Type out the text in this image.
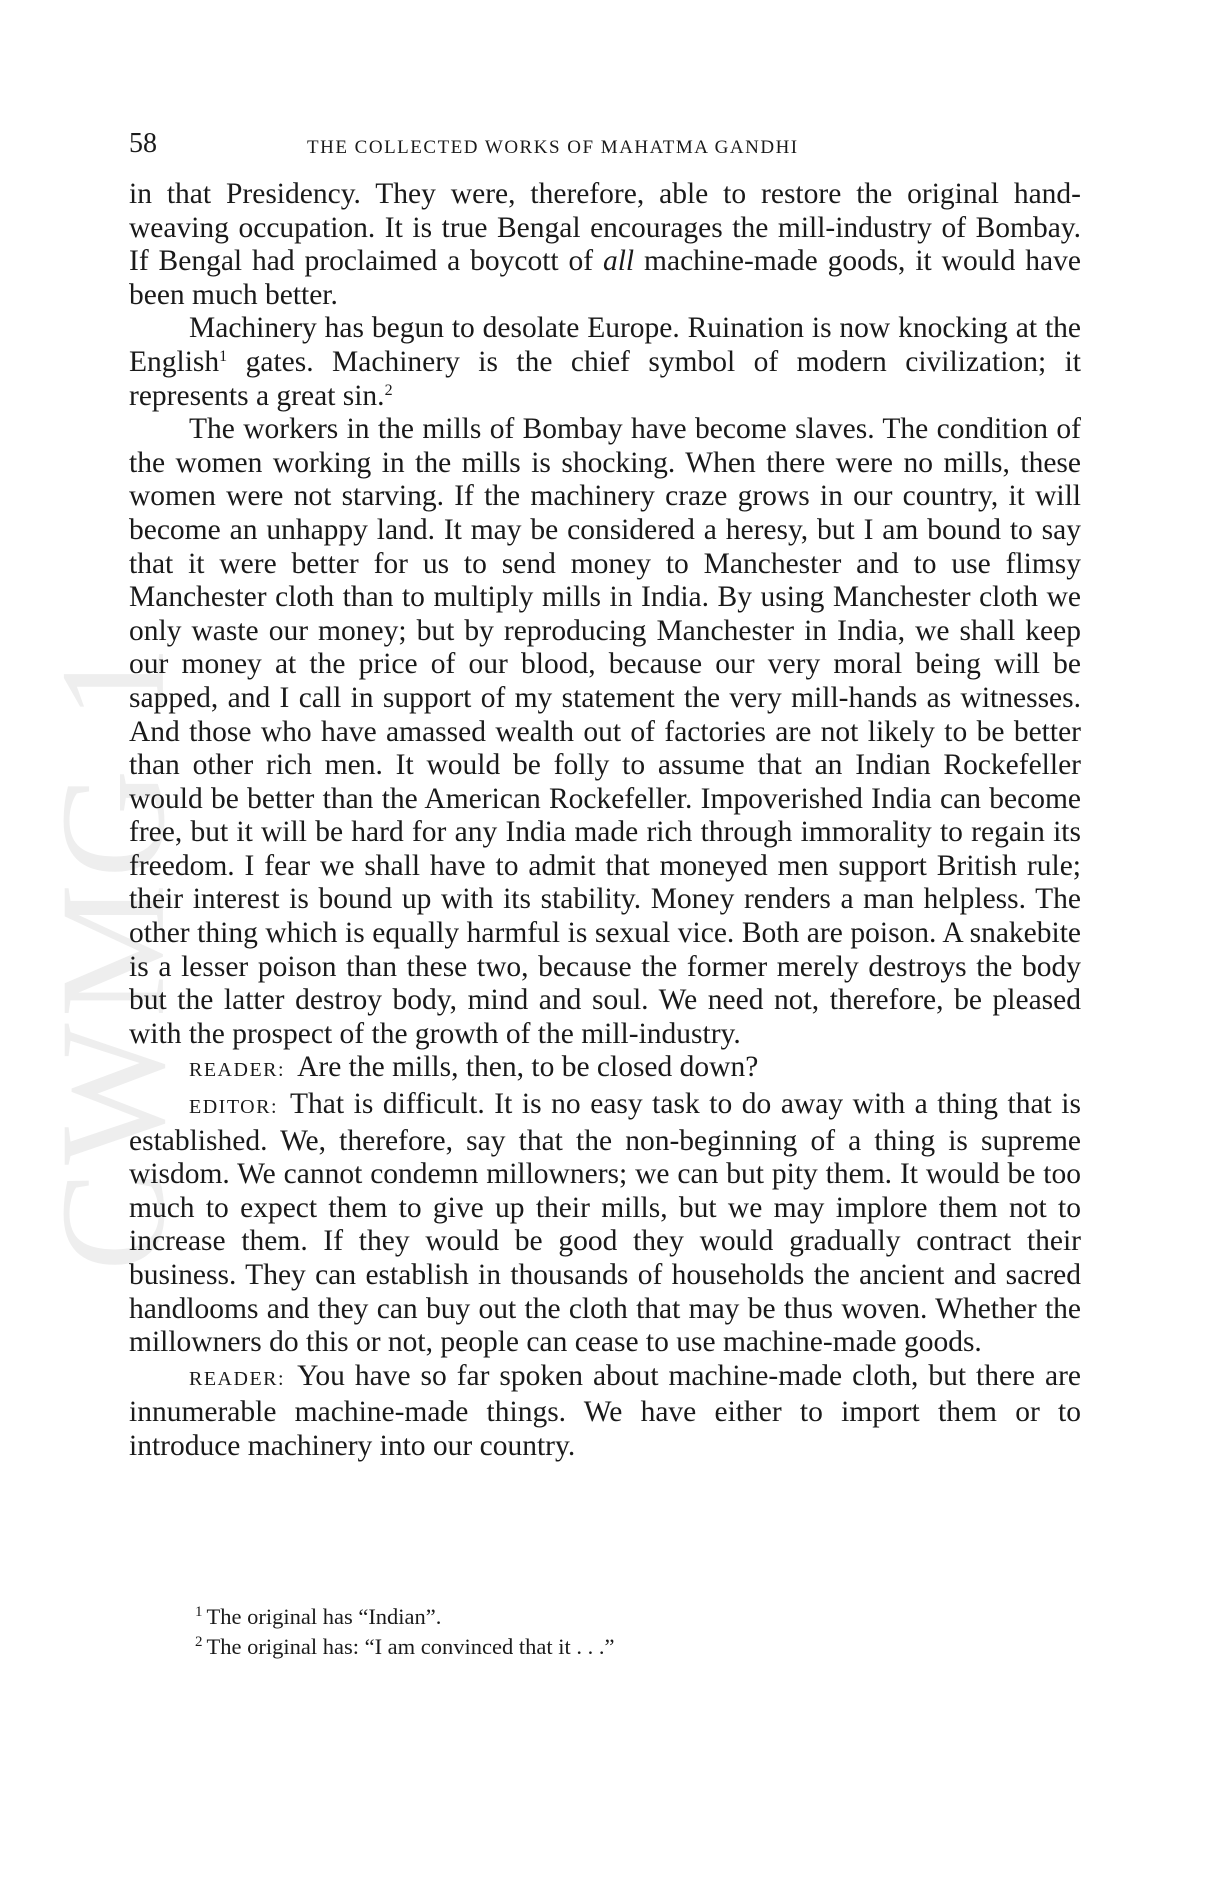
CWMG 1
58	THE COLLECTED WORKS OF MAHATMA GANDHI

in that Presidency. They were, therefore, able to restore the original hand-weaving occupation. It is true Bengal encourages the mill-industry of Bombay. If Bengal had proclaimed a boycott of all machine-made goods, it would have been much better.

Machinery has begun to desolate Europe. Ruination is now knocking at the English$^1$ gates. Machinery is the chief symbol of modern civilization; it represents a great sin.$^2$

The workers in the mills of Bombay have become slaves. The condition of the women working in the mills is shocking. When there were no mills, these women were not starving. If the machinery craze grows in our country, it will become an unhappy land. It may be considered a heresy, but I am bound to say that it were better for us to send money to Manchester and to use flimsy Manchester cloth than to multiply mills in India. By using Manchester cloth we only waste our money; but by reproducing Manchester in India, we shall keep our money at the price of our blood, because our very moral being will be sapped, and I call in support of my statement the very mill-hands as witnesses. And those who have amassed wealth out of factories are not likely to be better than other rich men. It would be folly to assume that an Indian Rockefeller would be better than the American Rockefeller. Impoverished India can become free, but it will be hard for any India made rich through immorality to regain its freedom. I fear we shall have to admit that moneyed men support British rule; their interest is bound up with its stability. Money renders a man helpless. The other thing which is equally harmful is sexual vice. Both are poison. A snakebite is a lesser poison than these two, because the former merely destroys the body but the latter destroy body, mind and soul. We need not, therefore, be pleased with the prospect of the growth of the mill-industry.

READER: Are the mills, then, to be closed down?

EDITOR: That is difficult. It is no easy task to do away with a thing that is established. We, therefore, say that the non-beginning of a thing is supreme wisdom. We cannot condemn millowners; we can but pity them. It would be too much to expect them to give up their mills, but we may implore them not to increase them. If they would be good they would gradually contract their business. They can establish in thousands of households the ancient and sacred handlooms and they can buy out the cloth that may be thus woven. Whether the millowners do this or not, people can cease to use machine-made goods.

READER: You have so far spoken about machine-made cloth, but there are innumerable machine-made things. We have either to import them or to introduce machinery into our country.

$^1$ The original has “Indian”.

$^2$ The original has: “I am convinced that it . . .”
